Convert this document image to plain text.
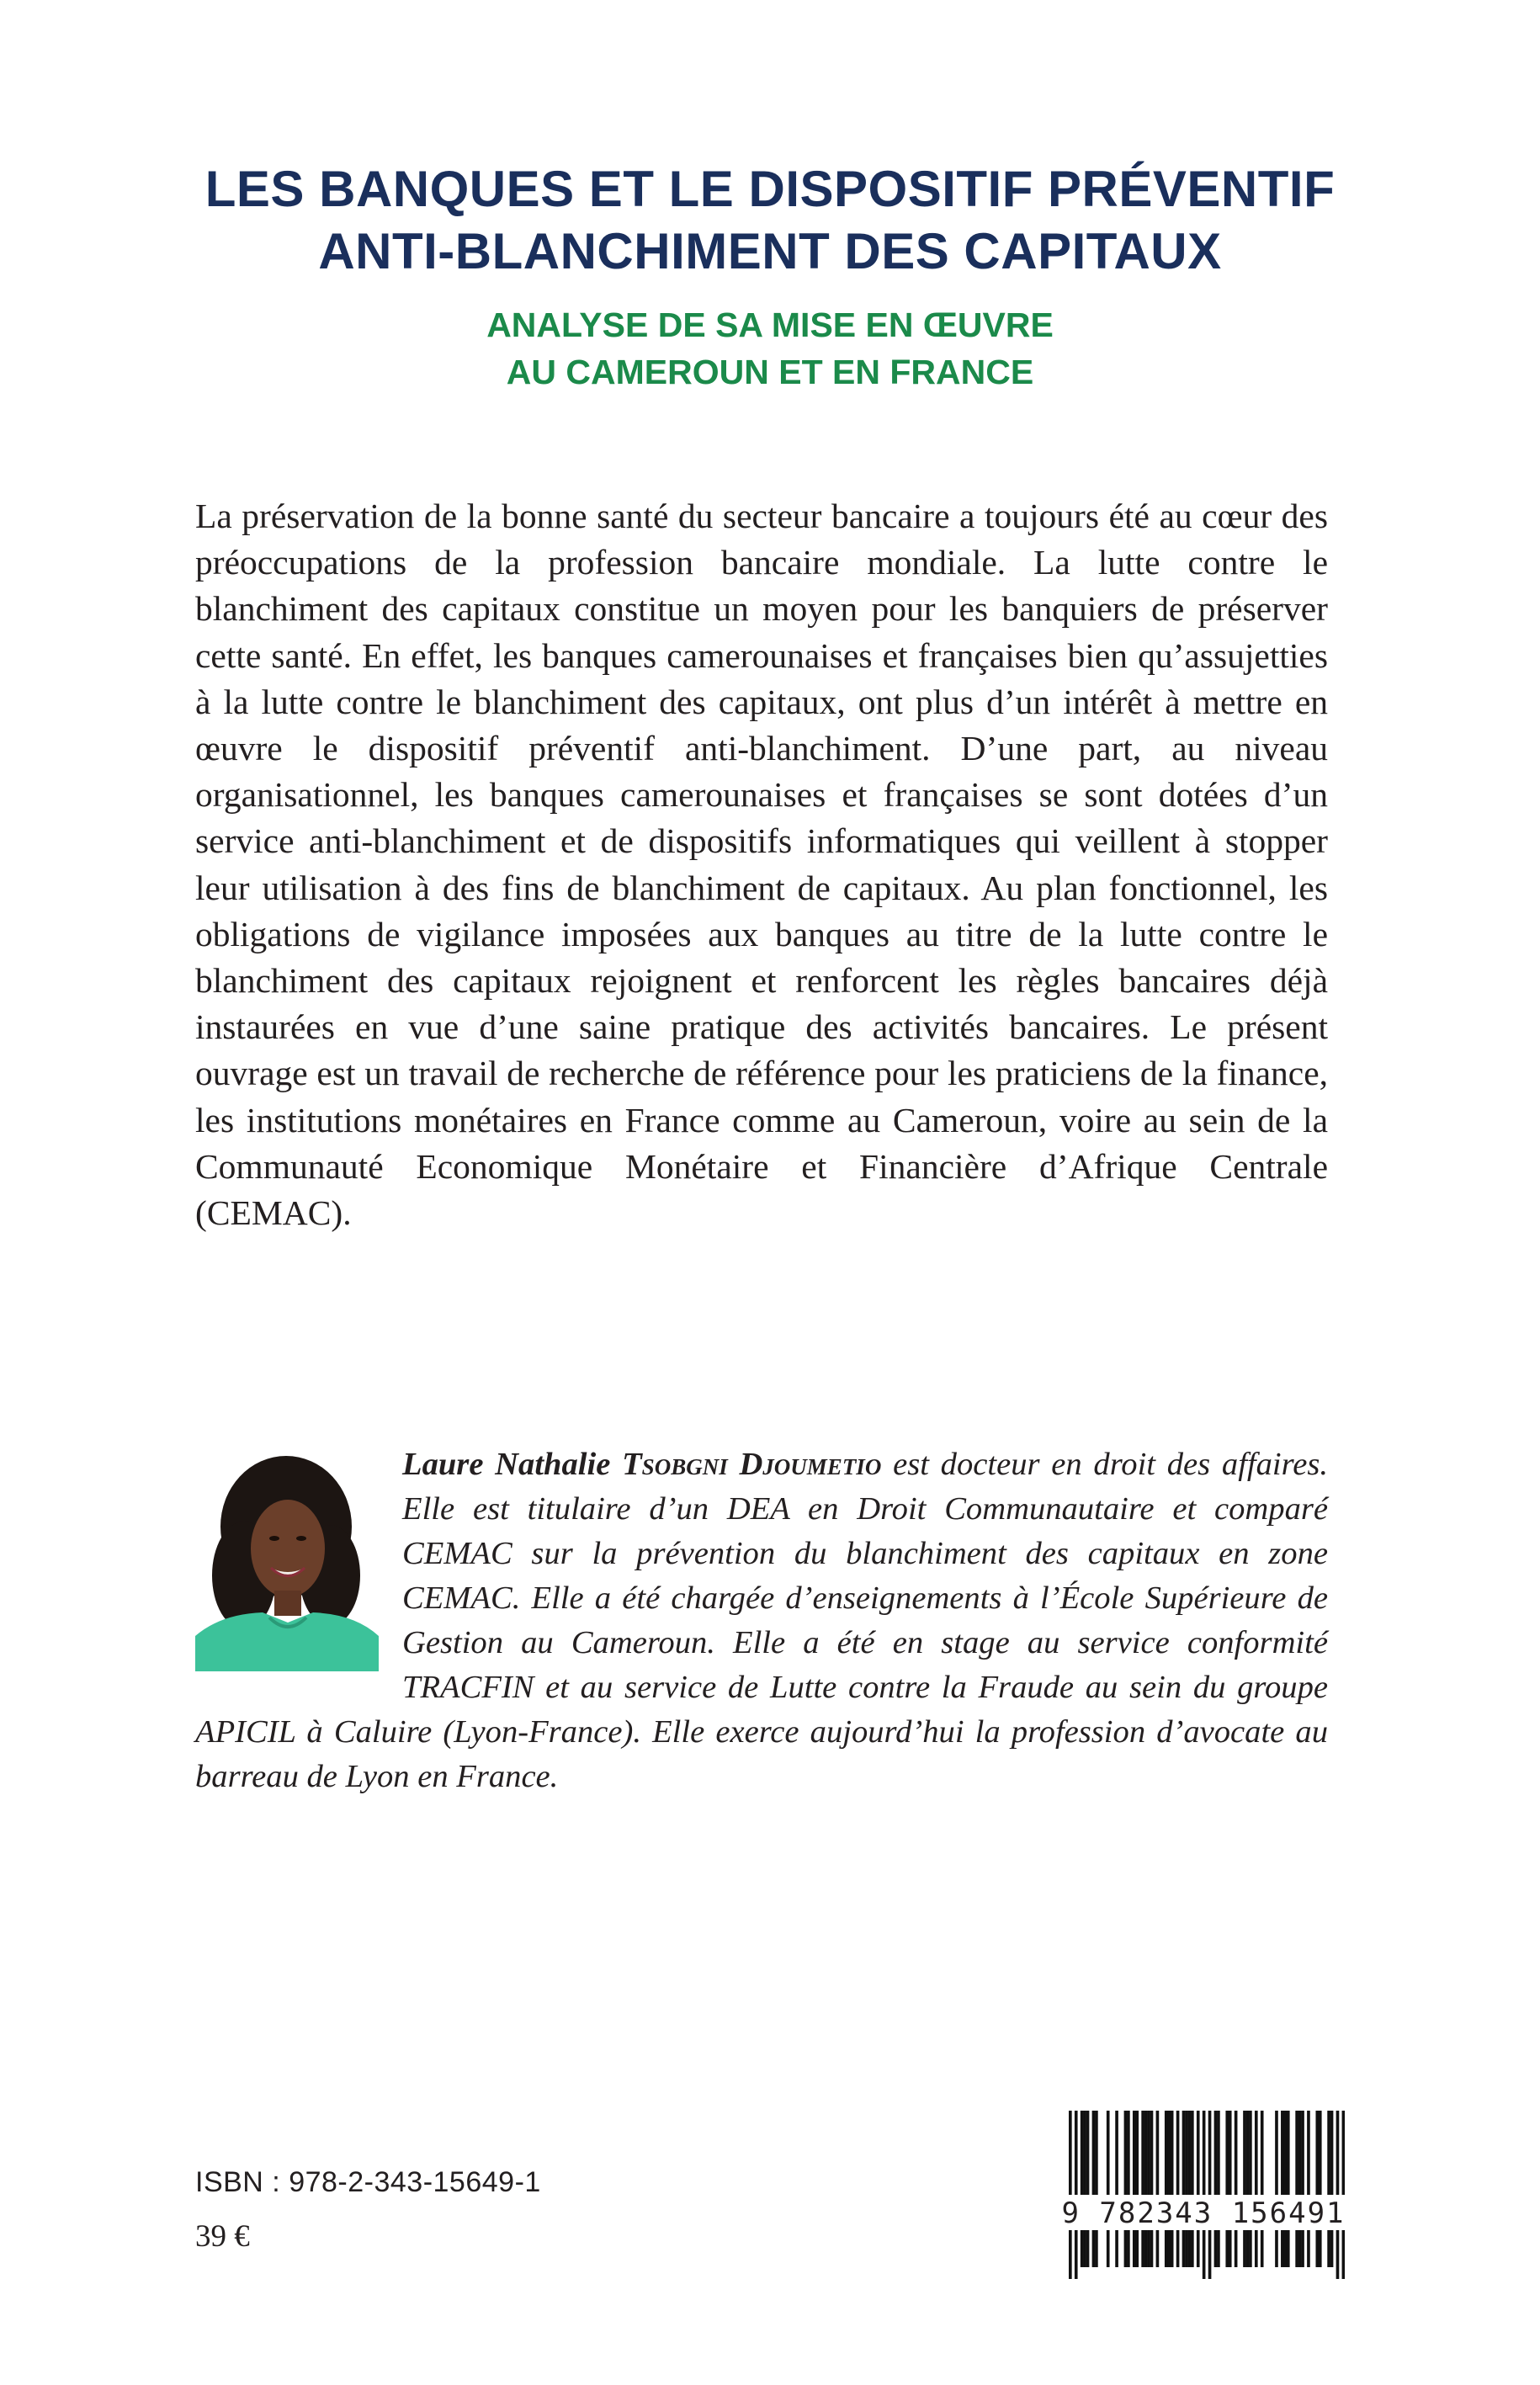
LES BANQUES ET LE DISPOSITIF PRÉVENTIF

ANTI-BLANCHIMENT DES CAPITAUX

ANALYSE DE SA MISE EN ŒUVRE

AU CAMEROUN ET EN FRANCE

La préservation de la bonne santé du secteur bancaire a toujours été au cœur des préoccupations de la profession bancaire mondiale. La lutte contre le blanchiment des capitaux constitue un moyen pour les banquiers de préserver cette santé. En effet, les banques camerounaises et françaises bien qu’assujetties à la lutte contre le blanchiment des capitaux, ont plus d’un intérêt à mettre en œuvre le dispositif préventif anti-blanchiment. D’une part, au niveau organisationnel, les banques camerounaises et françaises se sont dotées d’un service anti-blanchiment et de dispositifs informatiques qui veillent à stopper leur utilisation à des fins de blanchiment de capitaux. Au plan fonctionnel, les obligations de vigilance imposées aux banques au titre de la lutte contre le blanchiment des capitaux rejoignent et renforcent les règles bancaires déjà instaurées en vue d’une saine pratique des activités bancaires. Le présent ouvrage est un travail de recherche de référence pour les praticiens de la finance, les institutions monétaires en France comme au Cameroun, voire au sein de la Communauté Economique Monétaire et Financière d’Afrique Centrale (CEMAC).

Laure Nathalie Tsobgni Djoumetio est docteur en droit des affaires. Elle est titulaire d’un DEA en Droit Communautaire et comparé CEMAC sur la prévention du blanchiment des capitaux en zone CEMAC. Elle a été chargée d’enseignements à l’École Supérieure de Gestion au Cameroun. Elle a été en stage au service conformité TRACFIN et au service de Lutte contre la Fraude au sein du groupe APICIL à Caluire (Lyon-France). Elle exerce aujourd’hui la profession d’avocate au barreau de Lyon en France.

ISBN : 978-2-343-15649-1

39 €

9 782343 156491
